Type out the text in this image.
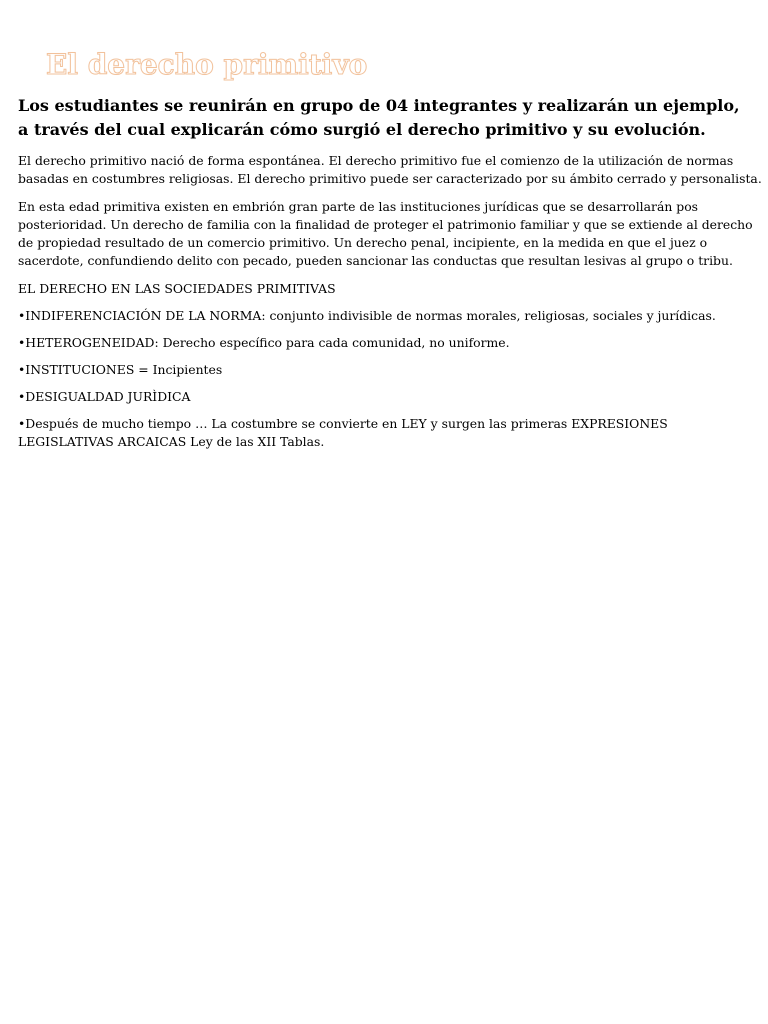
El derecho primitivo
Los estudiantes se reunirán en grupo de 04 integrantes y realizarán un ejemplo, a través del cual explicarán cómo surgió el derecho primitivo y su evolución.
El derecho primitivo nació de forma espontánea. El derecho primitivo fue el comienzo de la utilización de normas basadas en costumbres religiosas. El derecho primitivo puede ser caracterizado por su ámbito cerrado y personalista.
En esta edad primitiva existen en embrión gran parte de las instituciones jurídicas que se desarrollarán pos posterioridad. Un derecho de familia con la finalidad de proteger el patrimonio familiar y que se extiende al derecho de propiedad resultado de un comercio primitivo. Un derecho penal, incipiente, en la medida en que el juez o sacerdote, confundiendo delito con pecado, pueden sancionar las conductas que resultan lesivas al grupo o tribu.
EL DERECHO EN LAS SOCIEDADES PRIMITIVAS
•INDIFERENCIACIÓN DE LA NORMA: conjunto indivisible de normas morales, religiosas, sociales y jurídicas.
•HETEROGENEIDAD: Derecho específico para cada comunidad, no uniforme.
•INSTITUCIONES = Incipientes
•DESIGUALDAD JURÌDICA
•Después de mucho tiempo … La costumbre se convierte en LEY y surgen las primeras EXPRESIONES LEGISLATIVAS ARCAICAS Ley de las XII Tablas.
